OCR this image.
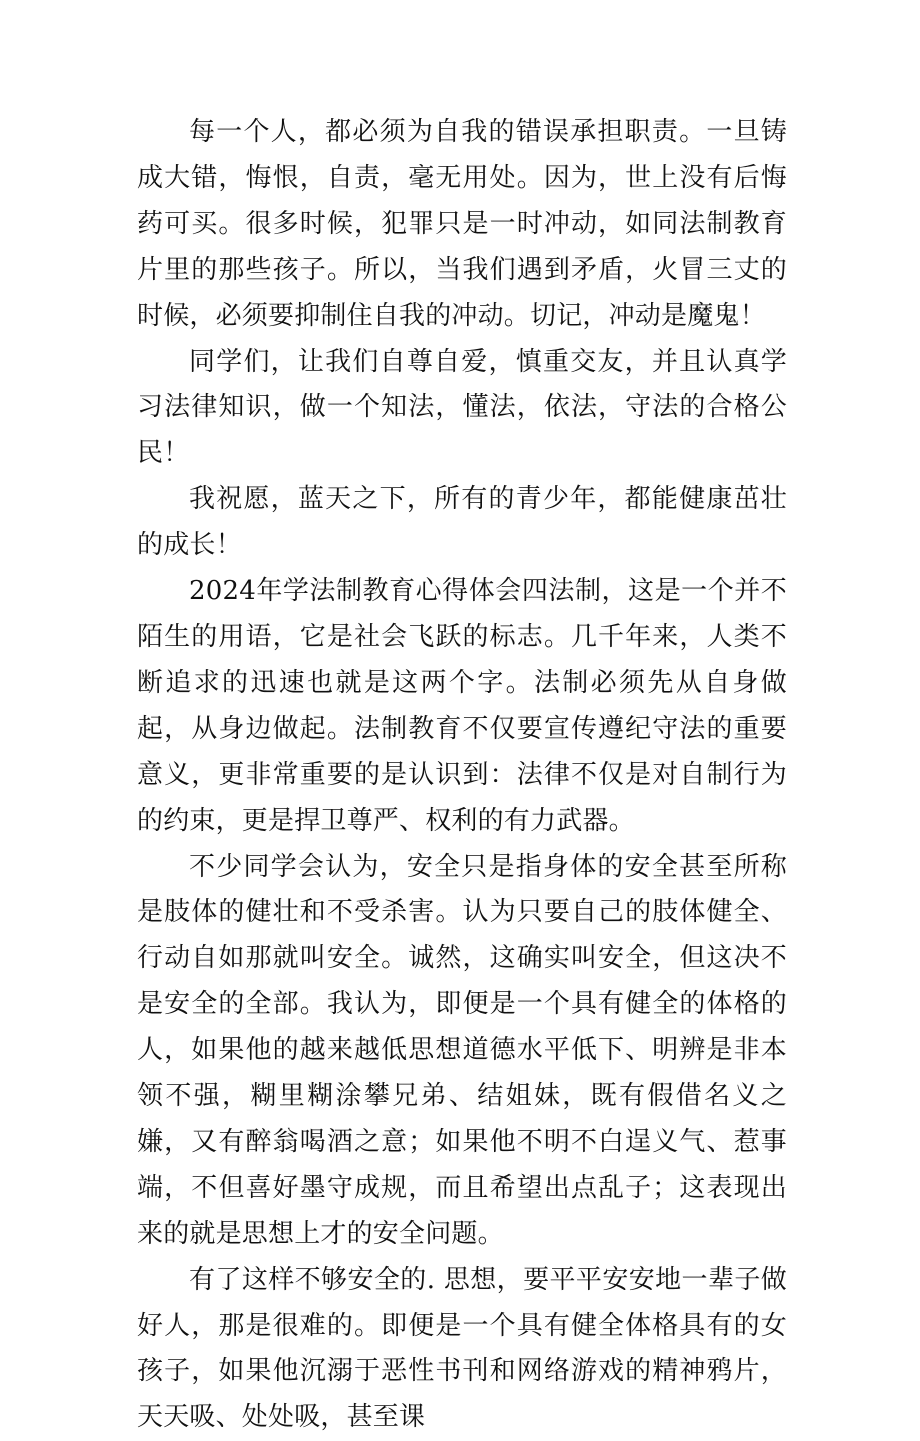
每一个人，都必须为自我的错误承担职责。一旦铸成大错，悔恨，自责，毫无用处。因为，世上没有后悔药可买。很多时候，犯罪只是一时冲动，如同法制教育片里的那些孩子。所以，当我们遇到矛盾，火冒三丈的时候，必须要抑制住自我的冲动。切记，冲动是魔鬼！

同学们，让我们自尊自爱，慎重交友，并且认真学习法律知识，做一个知法，懂法，依法，守法的合格公民！

我祝愿，蓝天之下，所有的青少年，都能健康茁壮的成长！

2024年学法制教育心得体会四法制，这是一个并不陌生的用语，它是社会飞跃的标志。几千年来，人类不断追求的迅速也就是这两个字。法制必须先从自身做起，从身边做起。法制教育不仅要宣传遵纪守法的重要意义，更非常重要的是认识到：法律不仅是对自制行为的约束，更是捍卫尊严、权利的有力武器。

不少同学会认为，安全只是指身体的安全甚至所称是肢体的健壮和不受杀害。认为只要自己的肢体健全、行动自如那就叫安全。诚然，这确实叫安全，但这决不是安全的全部。我认为，即便是一个具有健全的体格的人，如果他的越来越低思想道德水平低下、明辨是非本领不强，糊里糊涂攀兄弟、结姐妹，既有假借名义之嫌，又有醉翁喝酒之意；如果他不明不白逞义气、惹事端，不但喜好墨守成规，而且希望出点乱子；这表现出来的就是思想上才的安全问题。

有了这样不够安全的. 思想，要平平安安地一辈子做好人，那是很难的。即便是一个具有健全体格具有的女孩子，如果他沉溺于恶性书刊和网络游戏的精神鸦片，天天吸、处处吸，甚至课
